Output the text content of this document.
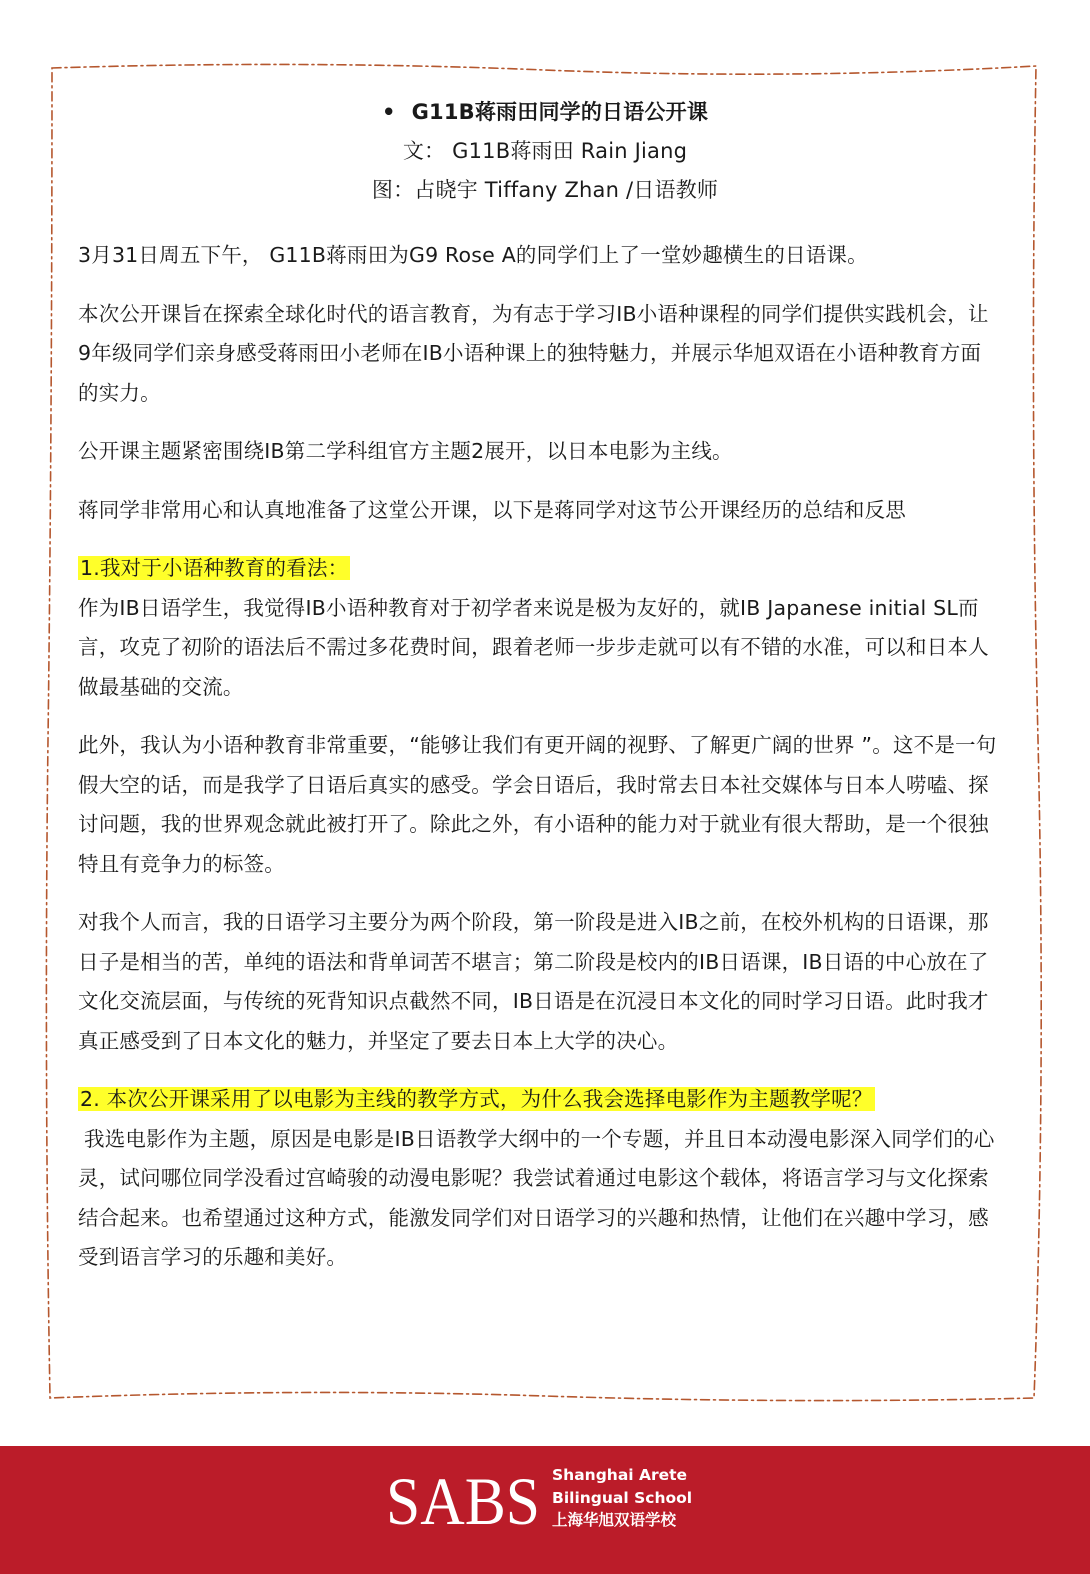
• G11B蒋雨田同学的日语公开课
文： G11B蒋雨田 Rain Jiang
图：占晓宇 Tiffany Zhan /日语教师

3月31日周五下午， G11B蒋雨田为G9 Rose A的同学们上了一堂妙趣横生的日语课。

本次公开课旨在探索全球化时代的语言教育，为有志于学习IB小语种课程的同学们提供实践机会，让9年级同学们亲身感受蒋雨田小老师在IB小语种课上的独特魅力，并展示华旭双语在小语种教育方面的实力。

公开课主题紧密围绕IB第二学科组官方主题2展开，以日本电影为主线。

蒋同学非常用心和认真地准备了这堂公开课，以下是蒋同学对这节公开课经历的总结和反思

1.我对于小语种教育的看法：

作为IB日语学生，我觉得IB小语种教育对于初学者来说是极为友好的，就IB Japanese initial SL而言，攻克了初阶的语法后不需过多花费时间，跟着老师一步步走就可以有不错的水准，可以和日本人做最基础的交流。

此外，我认为小语种教育非常重要，“能够让我们有更开阔的视野、了解更广阔的世界 ”。这不是一句假大空的话，而是我学了日语后真实的感受。学会日语后，我时常去日本社交媒体与日本人唠嗑、探讨问题，我的世界观念就此被打开了。除此之外，有小语种的能力对于就业有很大帮助，是一个很独特且有竞争力的标签。

对我个人而言，我的日语学习主要分为两个阶段，第一阶段是进入IB之前，在校外机构的日语课，那日子是相当的苦，单纯的语法和背单词苦不堪言；第二阶段是校内的IB日语课，IB日语的中心放在了文化交流层面，与传统的死背知识点截然不同，IB日语是在沉浸日本文化的同时学习日语。此时我才真正感受到了日本文化的魅力，并坚定了要去日本上大学的决心。

2. 本次公开课采用了以电影为主线的教学方式，为什么我会选择电影作为主题教学呢？

我选电影作为主题，原因是电影是IB日语教学大纲中的一个专题，并且日本动漫电影深入同学们的心灵，试问哪位同学没看过宫崎骏的动漫电影呢？我尝试着通过电影这个载体，将语言学习与文化探索结合起来。也希望通过这种方式，能激发同学们对日语学习的兴趣和热情，让他们在兴趣中学习，感受到语言学习的乐趣和美好。

SABS Shanghai Arete
Bilingual School
上海华旭双语学校
